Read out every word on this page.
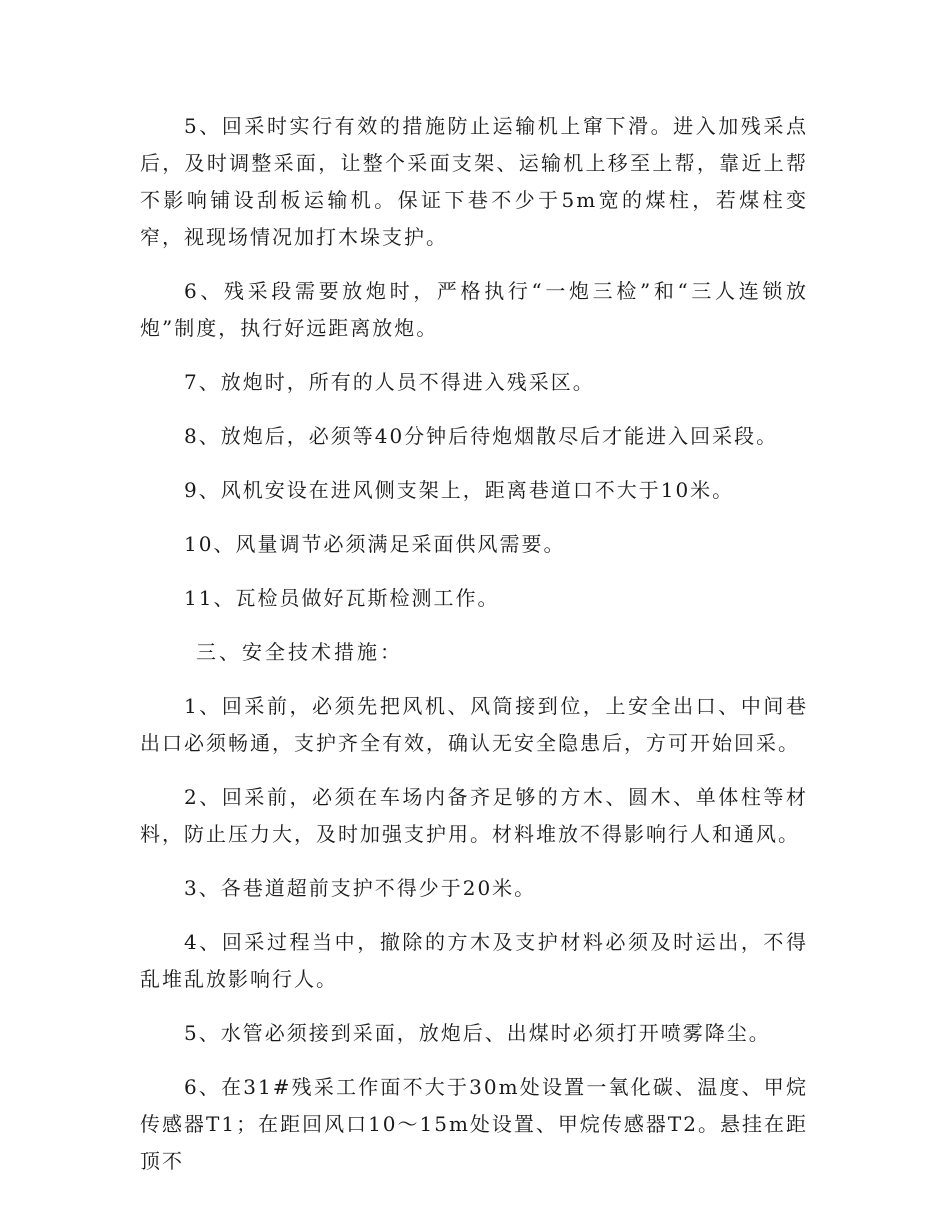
5、回采时实行有效的措施防止运输机上窜下滑。进入加残采点后，及时调整采面，让整个采面支架、运输机上移至上帮，靠近上帮不影响铺设刮板运输机。保证下巷不少于5m宽的煤柱，若煤柱变窄，视现场情况加打木垛支护。

6、残采段需要放炮时，严格执行“一炮三检”和“三人连锁放炮”制度，执行好远距离放炮。

7、放炮时，所有的人员不得进入残采区。

8、放炮后，必须等40分钟后待炮烟散尽后才能进入回采段。

9、风机安设在进风侧支架上，距离巷道口不大于10米。

10、风量调节必须满足采面供风需要。

11、瓦检员做好瓦斯检测工作。

三、安全技术措施：

1、回采前，必须先把风机、风筒接到位，上安全出口、中间巷出口必须畅通，支护齐全有效，确认无安全隐患后，方可开始回采。

2、回采前，必须在车场内备齐足够的方木、圆木、单体柱等材料，防止压力大，及时加强支护用。材料堆放不得影响行人和通风。

3、各巷道超前支护不得少于20米。

4、回采过程当中，撤除的方木及支护材料必须及时运出，不得乱堆乱放影响行人。

5、水管必须接到采面，放炮后、出煤时必须打开喷雾降尘。

6、在31#残采工作面不大于30m处设置一氧化碳、温度、甲烷传感器T1；在距回风口10～15m处设置、甲烷传感器T2。悬挂在距顶不
